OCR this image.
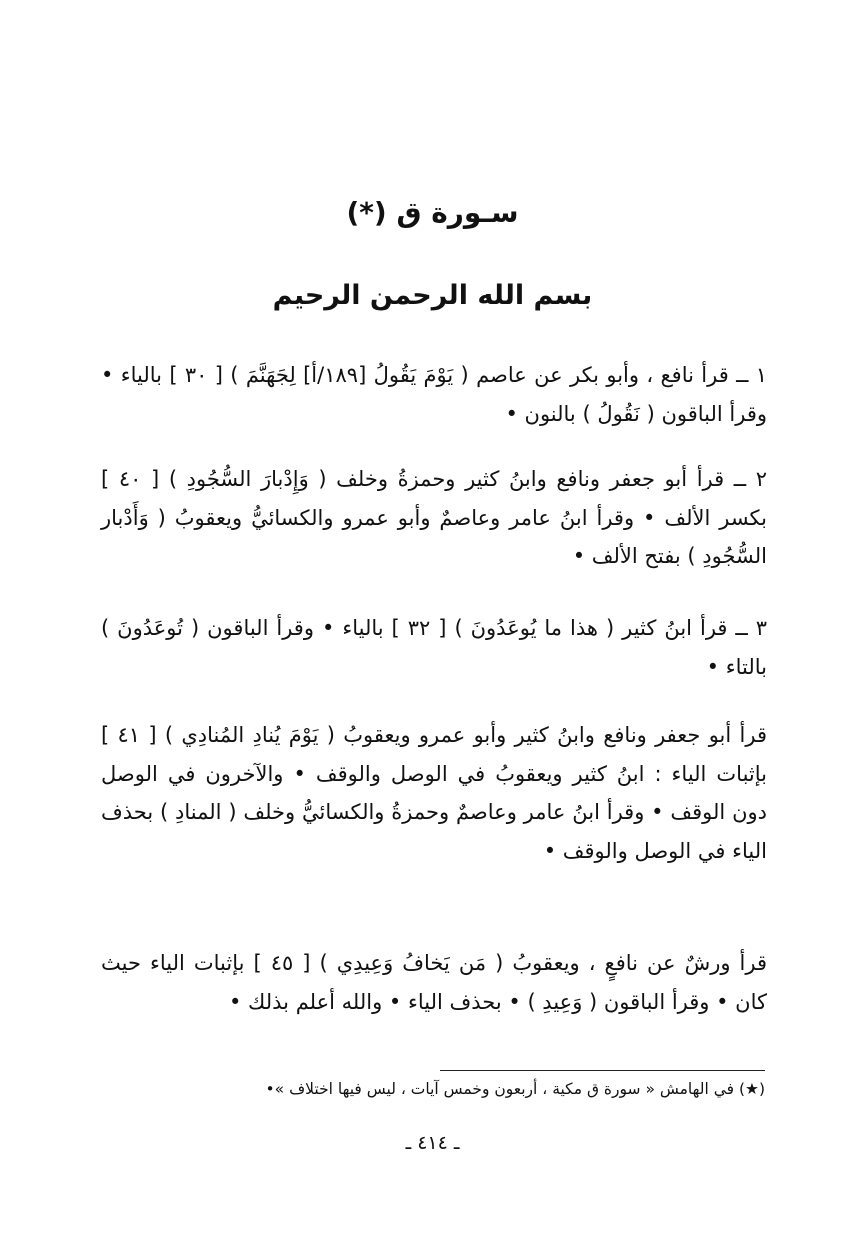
سـورة ق (*)
بسم الله الرحمن الرحيم
١ ــ قرأ نافع ، وأبو بكر عن عاصم ( يَوْمَ يَقُولُ [١٨٩/أ] لِجَهَنَّمَ ) [ ٣٠ ] بالياء • وقرأ الباقون ( نَقُولُ ) بالنون •
٢ ــ قرأ أبو جعفر ونافع وابنُ كثير وحمزةُ وخلف ( وَإِدْبارَ السُّجُودِ ) [ ٤٠ ] بكسر الألف • وقرأ ابنُ عامر وعاصمٌ وأبو عمرو والكسائيُّ ويعقوبُ ( وَأَدْبار السُّجُودِ ) بفتح الألف •
٣ ــ قرأ ابنُ كثير ( هذا ما يُوعَدُونَ ) [ ٣٢ ] بالياء • وقرأ الباقون ( تُوعَدُونَ ) بالتاء •
قرأ أبو جعفر ونافع وابنُ كثير وأبو عمرو ويعقوبُ ( يَوْمَ يُنادِ المُنادِي ) [ ٤١ ] بإثبات الياء : ابنُ كثير ويعقوبُ في الوصل والوقف • والآخرون في الوصل دون الوقف • وقرأ ابنُ عامر وعاصمٌ وحمزةُ والكسائيُّ وخلف ( المنادِ ) بحذف الياء في الوصل والوقف •
قرأ ورشٌ عن نافعٍ ، ويعقوبُ ( مَن يَخافُ وَعِيدِي ) [ ٤٥ ] بإثبات الياء حيث كان • وقرأ الباقون ( وَعِيدِ ) • بحذف الياء • والله أعلم بذلك •
(★) في الهامش « سورة ق مكية ، أربعون وخمس آيات ، ليس فيها اختلاف »•
ـ ٤١٤ ـ
